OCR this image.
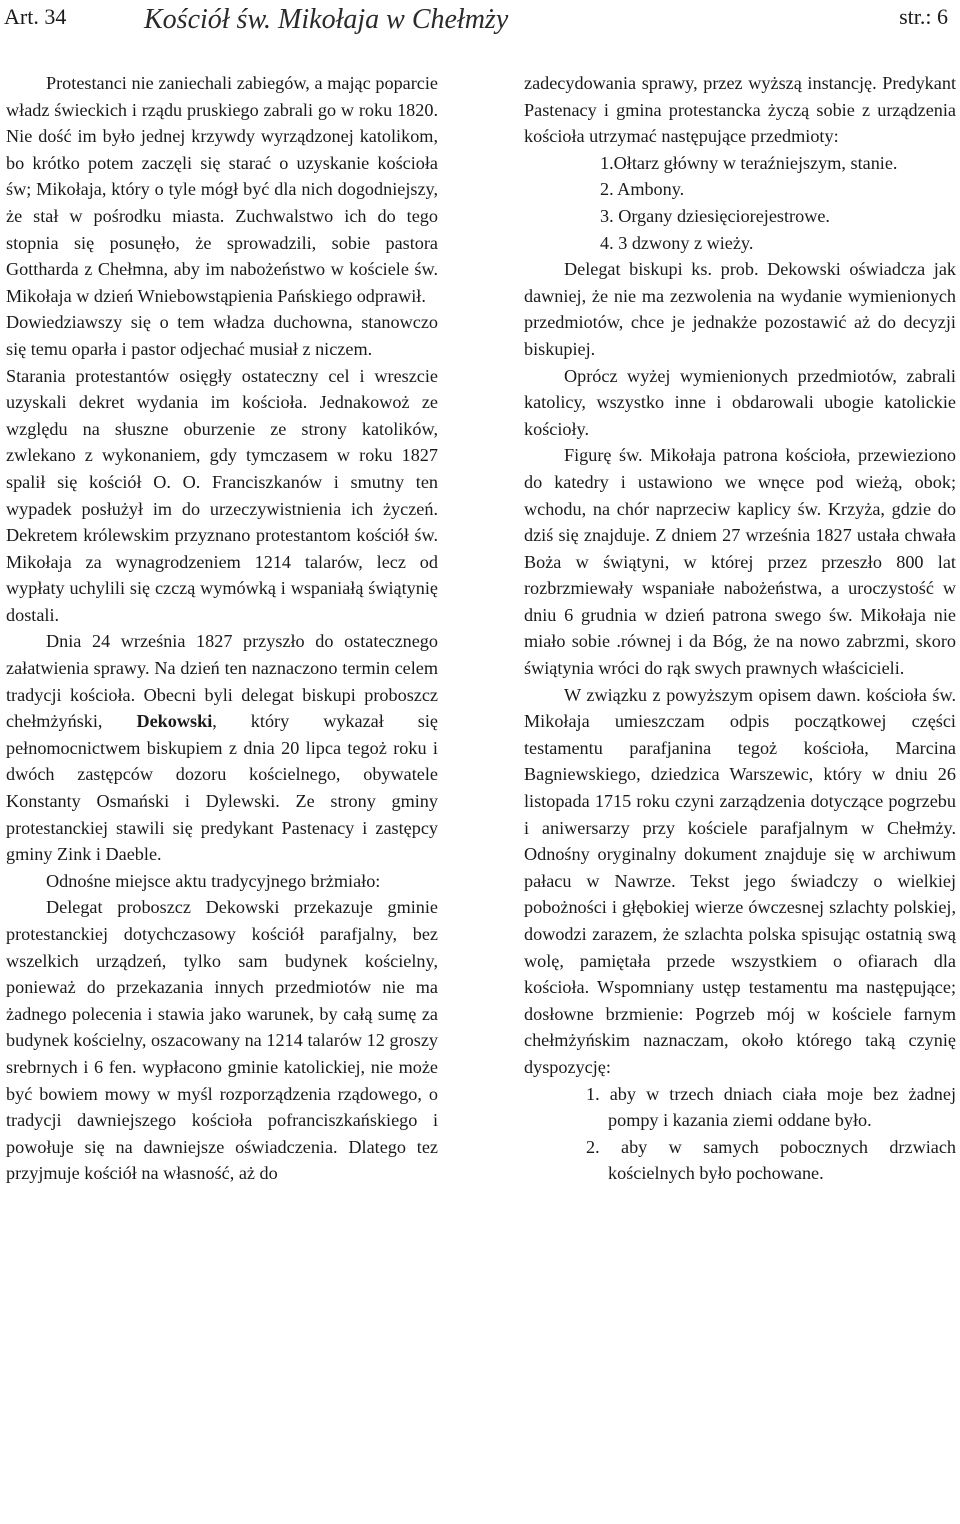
Art. 34	Kościół św. Mikołaja w Chełmży	str.: 6

Protestanci nie zaniechali zabiegów, a mając poparcie władz świeckich i rządu pruskiego zabrali go w roku 1820. Nie dość im było jednej krzywdy wyrządzonej katolikom, bo krótko potem zaczęli się starać o uzyskanie kościoła św; Mikołaja, który o tyle mógł być dla nich dogodniejszy, że stał w pośrodku miasta. Zuchwalstwo ich do tego stopnia się posunęło, że sprowadzili, sobie pastora Gottharda z Chełmna, aby im nabożeństwo w kościele św. Mikołaja w dzień Wniebowstąpienia Pańskiego odprawił.

Dowiedziawszy się o tem władza duchowna, stanowczo się temu oparła i pastor odjechać musiał z niczem.

Starania protestantów osięgły ostateczny cel i wreszcie uzyskali dekret wydania im kościoła. Jednakowoż ze względu na słuszne oburzenie ze strony katolików, zwlekano z wykonaniem, gdy tymczasem w roku 1827 spalił się kościół O. O. Franciszkanów i smutny ten wypadek posłużył im do urzeczywistnienia ich życzeń. Dekretem królewskim przyznano protestantom kościół św. Mikołaja za wynagrodzeniem 1214 talarów, lecz od wypłaty uchylili się czczą wymówką i wspaniałą świątynię dostali.

Dnia 24 września 1827 przyszło do ostatecznego załatwienia sprawy. Na dzień ten naznaczono termin celem tradycji kościoła. Obecni byli delegat biskupi proboszcz chełmżyński, Dekowski, który wykazał się pełnomocnictwem biskupiem z dnia 20 lipca tegoż roku i dwóch zastępców dozoru kościelnego, obywatele Konstanty Osmański i Dylewski. Ze strony gminy protestanckiej stawili się predykant Pastenacy i zastępcy gminy Zink i Daeble.

Odnośne miejsce aktu tradycyjnego brżmiało:

Delegat proboszcz Dekowski przekazuje gminie protestanckiej dotychczasowy kościół parafjalny, bez wszelkich urządzeń, tylko sam budynek kościelny, ponieważ do przekazania innych przedmiotów nie ma żadnego polecenia i stawia jako warunek, by całą sumę za budynek kościelny, oszacowany na 1214 talarów 12 groszy srebrnych i 6 fen. wypłacono gminie katolickiej, nie może być bowiem mowy w myśl rozporządzenia rządowego, o tradycji dawniejszego kościoła pofranciszkańskiego i powołuje się na dawniejsze oświadczenia. Dlatego tez przyjmuje kościół na własność, aż do

zadecydowania sprawy, przez wyższą instancję. Predykant Pastenacy i gmina protestancka życzą sobie z urządzenia kościoła utrzymać następujące przedmioty:

1.Ołtarz główny w teraźniejszym, stanie.
2. Ambony.
3. Organy dziesięciorejestrowe.
4. 3 dzwony z wieży.

Delegat biskupi ks. prob. Dekowski oświadcza jak dawniej, że nie ma zezwolenia na wydanie wymienionych przedmiotów, chce je jednakże pozostawić aż do decyzji biskupiej.

Oprócz wyżej wymienionych przedmiotów, zabrali katolicy, wszystko inne i obdarowali ubogie katolickie kościoły.

Figurę św. Mikołaja patrona kościoła, przewieziono do katedry i ustawiono we wnęce pod wieżą, obok; wchodu, na chór naprzeciw kaplicy św. Krzyża, gdzie do dziś się znajduje. Z dniem 27 września 1827 ustała chwała Boża w świątyni, w której przez przeszło 800 lat rozbrzmiewały wspaniałe nabożeństwa, a uroczystość w dniu 6 grudnia w dzień patrona swego św. Mikołaja nie miało sobie .równej i da Bóg, że na nowo zabrzmi, skoro świątynia wróci do rąk swych prawnych właścicieli.

W związku z powyższym opisem dawn. kościoła św. Mikołaja umieszczam odpis początkowej części testamentu parafjanina tegoż kościoła, Marcina Bagniewskiego, dziedzica Warszewic, który w dniu 26 listopada 1715 roku czyni zarządzenia dotyczące pogrzebu i aniwersarzy przy kościele parafjalnym w Chełmży. Odnośny oryginalny dokument znajduje się w archiwum pałacu w Nawrze. Tekst jego świadczy o wielkiej pobożności i głębokiej wierze ówczesnej szlachty polskiej, dowodzi zarazem, że szlachta polska spisując ostatnią swą wolę, pamiętała przede wszystkiem o ofiarach dla kościoła. Wspomniany ustęp testamentu ma następujące; dosłowne brzmienie: Pogrzeb mój w kościele farnym chełmżyńskim naznaczam, około którego taką czynię dyspozycję:

1. aby w trzech dniach ciała moje bez żadnej pompy i kazania ziemi oddane było.
2. aby w samych pobocznych drzwiach kościelnych było pochowane.
